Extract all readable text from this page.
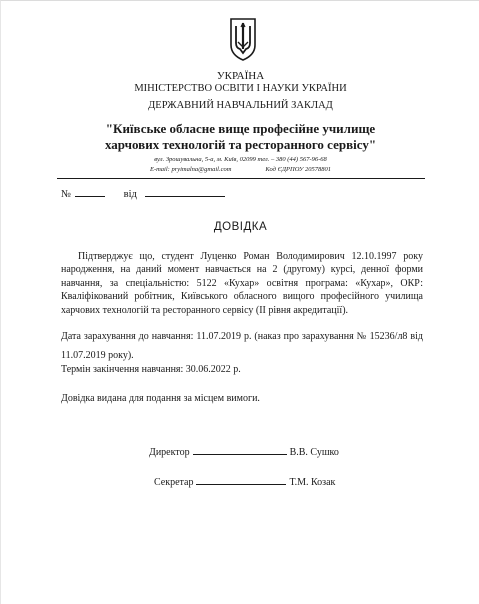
УКРАЇНА
МІНІСТЕРСТВО ОСВІТИ І НАУКИ УКРАЇНИ
ДЕРЖАВНИЙ НАВЧАЛЬНИЙ ЗАКЛАД
"Київське обласне вище професійне училище
харчових технологій та ресторанного сервісу"
вул. Зрошувальна, 5-а, м. Київ, 02099 тел. – 380 (44) 567-96-68
E-mail: pryimalna@gmail.com	Код ЄДРПОУ 20578801
№	від
ДОВІДКА
Підтверджує що, студент Луценко Роман Володимирович 12.10.1997 року народження, на даний момент навчається на 2 (другому) курсі, денної форми навчання, за спеціальністю: 5122 «Кухар» освітня програма: «Кухар», ОКР: Кваліфікований робітник, Київського обласного вищого професійного училища харчових технологій та ресторанного сервісу (ІІ рівня акредитації).
Дата зарахування до навчання: 11.07.2019 р. (наказ про зарахування № 15236/л8 від 11.07.2019 року).
Термін закінчення навчання: 30.06.2022 р.
Довідка видана для подання за місцем вимоги.
Директор	В.В. Сушко
Секретар	Т.М. Козак
